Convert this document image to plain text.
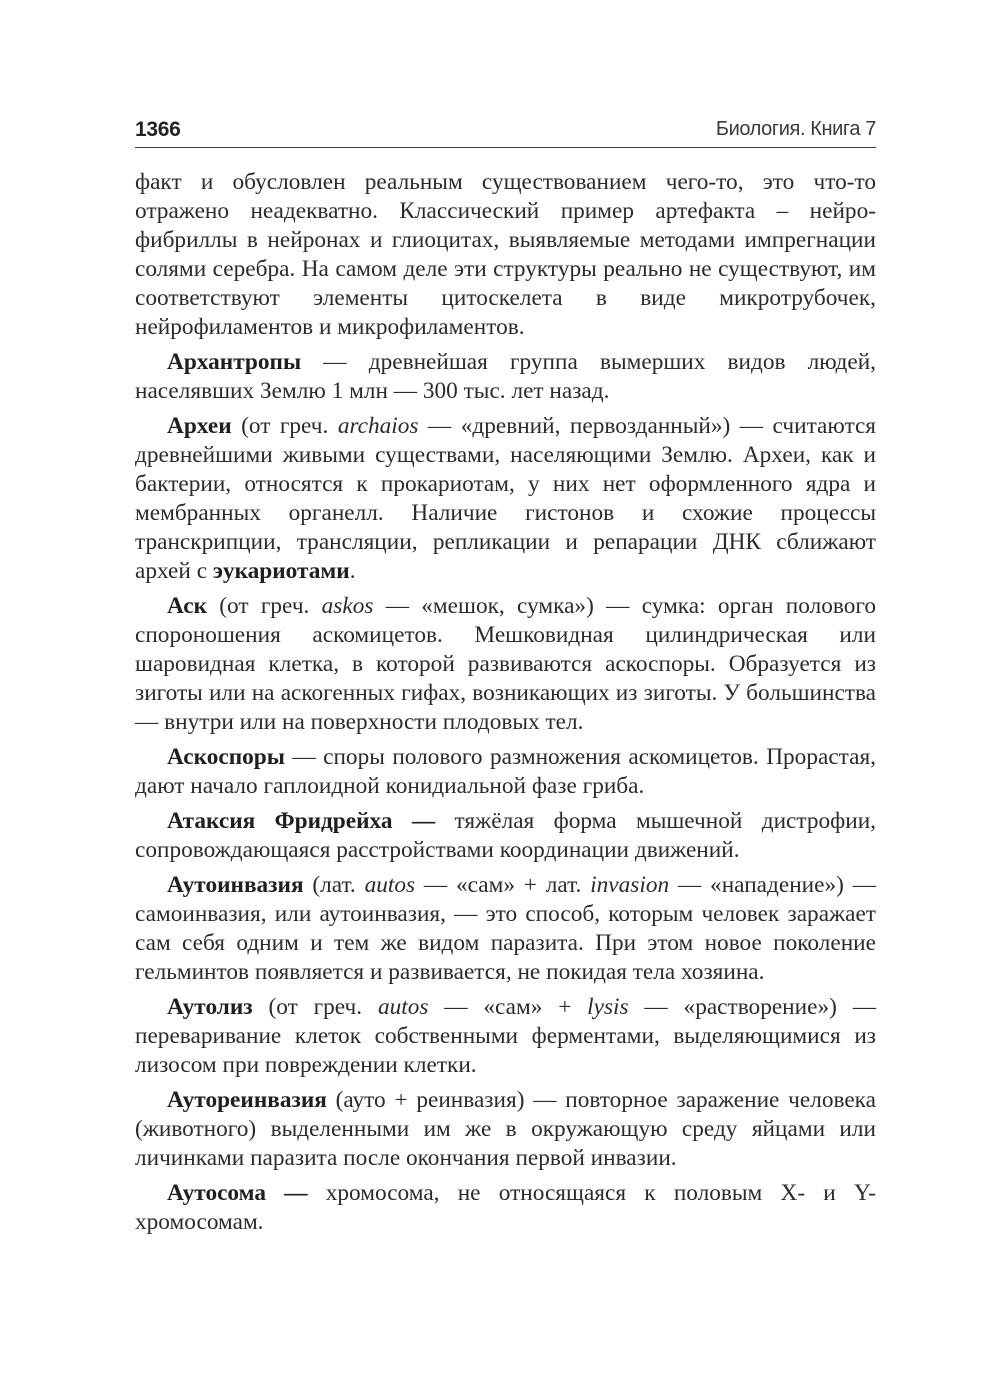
1366	Биология. Книга 7

факт и обусловлен реальным существованием чего-то, это что-то отражено неадекватно. Классический пример артефакта – нейрофибриллы в нейронах и глиоцитах, выявляемые методами импрегнации солями серебра. На самом деле эти структуры реально не существуют, им соответствуют элементы цитоскелета в виде микротрубочек, нейрофиламентов и микрофиламентов.

Архантропы — древнейшая группа вымерших видов людей, населявших Землю 1 млн — 300 тыс. лет назад.

Археи (от греч. archaios — «древний, первозданный») — считаются древнейшими живыми существами, населяющими Землю. Археи, как и бактерии, относятся к прокариотам, у них нет оформленного ядра и мембранных органелл. Наличие гистонов и схожие процессы транскрипции, трансляции, репликации и репарации ДНК сближают архей с эукариотами.

Аск (от греч. askos — «мешок, сумка») — сумка: орган полового спороношения аскомицетов. Мешковидная цилиндрическая или шаровидная клетка, в которой развиваются аскоспоры. Образуется из зиготы или на аскогенных гифах, возникающих из зиготы. У большинства — внутри или на поверхности плодовых тел.

Аскоспоры — споры полового размножения аскомицетов. Прорастая, дают начало гаплоидной конидиальной фазе гриба.

Атаксия Фридрейха — тяжёлая форма мышечной дистрофии, сопровождающаяся расстройствами координации движений.

Аутоинвазия (лат. autos — «сам» + лат. invasion — «нападение») — самоинвазия, или аутоинвазия, — это способ, которым человек заражает сам себя одним и тем же видом паразита. При этом новое поколение гельминтов появляется и развивается, не покидая тела хозяина.

Аутолиз (от греч. autos — «сам» + lysis — «растворение») — переваривание клеток собственными ферментами, выделяющимися из лизосом при повреждении клетки.

Аутореинвазия (ауто + реинвазия) — повторное заражение человека (животного) выделенными им же в окружающую среду яйцами или личинками паразита после окончания первой инвазии.

Аутосома — хромосома, не относящаяся к половым X- и Y-хромосомам.
